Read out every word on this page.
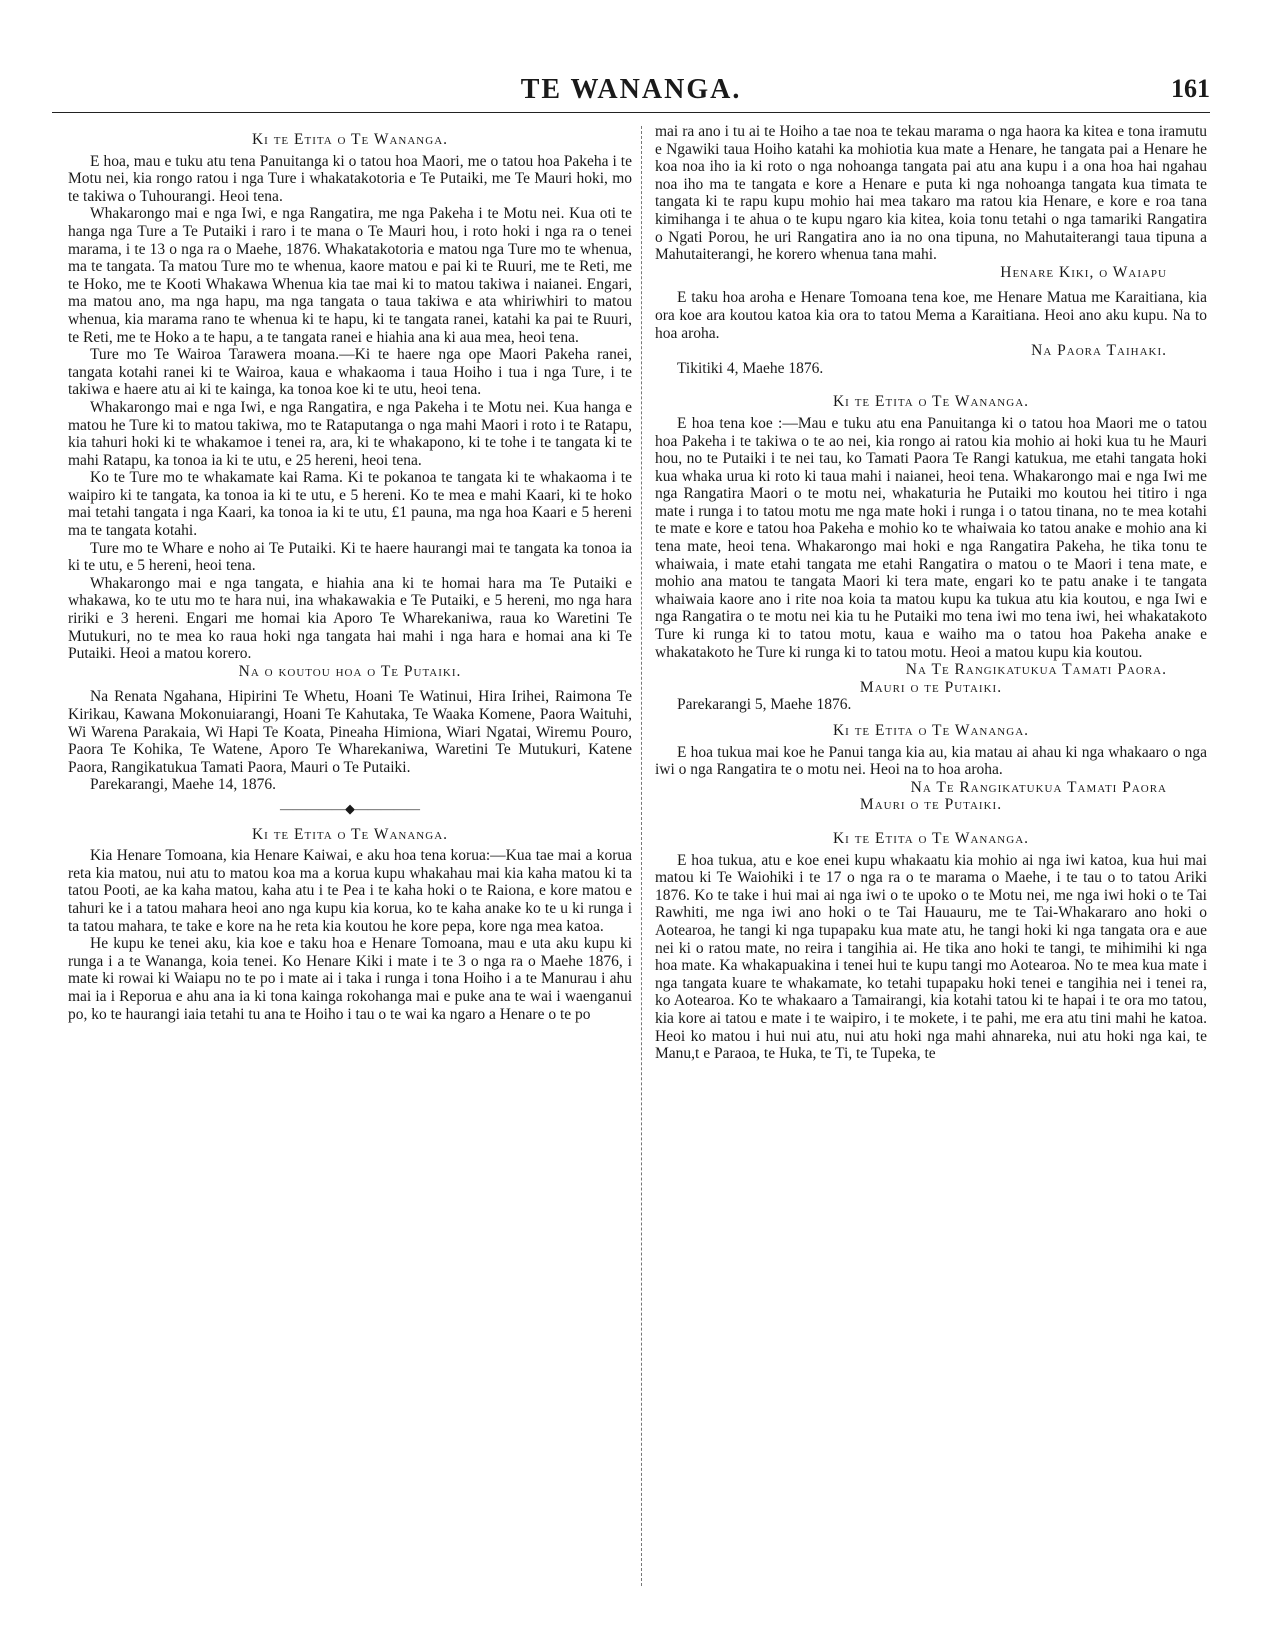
TE WANANGA.	161
Ki te Etita o Te Wananga.

E hoa, mau e tuku atu tena Panuitanga ki o tatou hoa Maori, me o tatou hoa Pakeha i te Motu nei, kia rongo ratou i nga Ture i whakatakotoria e Te Putaiki, me Te Mauri hoki, mo te takiwa o Tuhourangi. Heoi tena.

Whakarongo mai e nga Iwi, e nga Rangatira, me nga Pakeha i te Motu nei. Kua oti te hanga nga Ture a Te Putaiki i raro i te mana o Te Mauri hou, i roto hoki i nga ra o tenei marama, i te 13 o nga ra o Maehe, 1876. Whakatakotoria e matou nga Ture mo te whenua, ma te tangata. Ta matou Ture mo te whenua, kaore matou e pai ki te Ruuri, me te Reti, me te Hoko, me te Kooti Whakawa Whenua kia tae mai ki to matou takiwa i naianei. Engari, ma matou ano, ma nga hapu, ma nga tangata o taua takiwa e ata whiriwhiri to matou whenua, kia marama rano te whenua ki te hapu, ki te tangata ranei, katahi ka pai te Ruuri, te Reti, me te Hoko a te hapu, a te tangata ranei e hiahia ana ki aua mea, heoi tena.

Ture mo Te Wairoa Tarawera moana.—Ki te haere nga ope Maori Pakeha ranei, tangata kotahi ranei ki te Wairoa, kaua e whakaoma i taua Hoiho i tua i nga Ture, i te takiwa e haere atu ai ki te kainga, ka tonoa koe ki te utu, heoi tena.

Whakarongo mai e nga Iwi, e nga Rangatira, e nga Pakeha i te Motu nei. Kua hanga e matou he Ture ki to matou takiwa, mo te Rataputanga o nga mahi Maori i roto i te Ratapu, kia tahuri hoki ki te whakamoe i tenei ra, ara, ki te whakapono, ki te tohe i te tangata ki te mahi Ratapu, ka tonoa ia ki te utu, e 25 hereni, heoi tena.

Ko te Ture mo te whakamate kai Rama. Ki te pokanoa te tangata ki te whakaoma i te waipiro ki te tangata, ka tonoa ia ki te utu, e 5 hereni. Ko te mea e mahi Kaari, ki te hoko mai tetahi tangata i nga Kaari, ka tonoa ia ki te utu, £1 pauna, ma nga hoa Kaari e 5 hereni ma te tangata kotahi.

Ture mo te Whare e noho ai Te Putaiki. Ki te haere haurangi mai te tangata ka tonoa ia ki te utu, e 5 hereni, heoi tena.

Whakarongo mai e nga tangata, e hiahia ana ki te homai hara ma Te Putaiki e whakawa, ko te utu mo te hara nui, ina whakawakia e Te Putaiki, e 5 hereni, mo nga hara ririki e 3 hereni. Engari me homai kia Aporo Te Wharekaniwa, raua ko Waretini Te Mutukuri, no te mea ko raua hoki nga tangata hai mahi i nga hara e homai ana ki Te Putaiki. Heoi a matou korero.

Na o koutou hoa o Te Putaiki.

Na Renata Ngahana, Hipirini Te Whetu, Hoani Te Watinui, Hira Irihei, Raimona Te Kirikau, Kawana Mokonuiarangi, Hoani Te Kahutaka, Te Waaka Komene, Paora Waituhi, Wi Warena Parakaia, Wi Hapi Te Koata, Pineaha Himiona, Wiari Ngatai, Wiremu Pouro, Paora Te Kohika, Te Watene, Aporo Te Wharekaniwa, Waretini Te Mutukuri, Katene Paora, Rangikatukua Tamati Paora, Mauri o Te Putaiki.

Parekarangi, Maehe 14, 1876.

—————◆—————
Ki te Etita o Te Wananga.

Kia Henare Tomoana, kia Henare Kaiwai, e aku hoa tena korua:—Kua tae mai a korua reta kia matou, nui atu to matou koa ma a korua kupu whakahau mai kia kaha matou ki ta tatou Pooti, ae ka kaha matou, kaha atu i te Pea i te kaha hoki o te Raiona, e kore matou e tahuri ke i a tatou mahara heoi ano nga kupu kia korua, ko te kaha anake ko te u ki runga i ta tatou mahara, te take e kore na he reta kia koutou he kore pepa, kore nga mea katoa.

He kupu ke tenei aku, kia koe e taku hoa e Henare Tomoana, mau e uta aku kupu ki runga i a te Wananga, koia tenei. Ko Henare Kiki i mate i te 3 o nga ra o Maehe 1876, i mate ki rowai ki Waiapu no te po i mate ai i taka i runga i tona Hoiho i a te Manurau i ahu mai ia i Reporua e ahu ana ia ki tona kainga rokohanga mai e puke ana te wai i waenganui po, ko te haurangi iaia tetahi tu ana te Hoiho i tau o te wai ka ngaro a Henare o te po

mai ra ano i tu ai te Hoiho a tae noa te tekau marama o nga haora ka kitea e tona iramutu e Ngawiki taua Hoiho katahi ka mohiotia kua mate a Henare, he tangata pai a Henare he koa noa iho ia ki roto o nga nohoanga tangata pai atu ana kupu i a ona hoa hai ngahau noa iho ma te tangata e kore a Henare e puta ki nga nohoanga tangata kua timata te tangata ki te rapu kupu mohio hai mea takaro ma ratou kia Henare, e kore e roa tana kimihanga i te ahua o te kupu ngaro kia kitea, koia tonu tetahi o nga tamariki Rangatira o Ngati Porou, he uri Rangatira ano ia no ona tipuna, no Mahutaiterangi taua tipuna a Mahutaiterangi, he korero whenua tana mahi.

Henare Kiki, o Waiapu

E taku hoa aroha e Henare Tomoana tena koe, me Henare Matua me Karaitiana, kia ora koe ara koutou katoa kia ora to tatou Mema a Karaitiana. Heoi ano aku kupu. Na to hoa aroha.

Na Paora Taihaki.

Tikitiki 4, Maehe 1876.

Ki te Etita o Te Wananga.

E hoa tena koe :—Mau e tuku atu ena Panuitanga ki o tatou hoa Maori me o tatou hoa Pakeha i te takiwa o te ao nei, kia rongo ai ratou kia mohio ai hoki kua tu he Mauri hou, no te Putaiki i te nei tau, ko Tamati Paora Te Rangi katukua, me etahi tangata hoki kua whaka urua ki roto ki taua mahi i naianei, heoi tena. Whakarongo mai e nga Iwi me nga Rangatira Maori o te motu nei, whakaturia he Putaiki mo koutou hei titiro i nga mate i runga i to tatou motu me nga mate hoki i runga i o tatou tinana, no te mea kotahi te mate e kore e tatou hoa Pakeha e mohio ko te whaiwaia ko tatou anake e mohio ana ki tena mate, heoi tena. Whakarongo mai hoki e nga Rangatira Pakeha, he tika tonu te whaiwaia, i mate etahi tangata me etahi Rangatira o matou o te Maori i tena mate, e mohio ana matou te tangata Maori ki tera mate, engari ko te patu anake i te tangata whaiwaia kaore ano i rite noa koia ta matou kupu ka tukua atu kia koutou, e nga Iwi e nga Rangatira o te motu nei kia tu he Putaiki mo tena iwi mo tena iwi, hei whakatakoto Ture ki runga ki to tatou motu, kaua e waiho ma o tatou hoa Pakeha anake e whakatakoto he Ture ki runga ki to tatou motu. Heoi a matou kupu kia koutou.

Na Te Rangikatukua Tamati Paora.
Mauri o te Putaiki.

Parekarangi 5, Maehe 1876.

Ki te Etita o Te Wananga.

E hoa tukua mai koe he Panui tanga kia au, kia matau ai ahau ki nga whakaaro o nga iwi o nga Rangatira te o motu nei. Heoi na to hoa aroha.

Na Te Rangikatukua Tamati Paora
Mauri o te Putaiki.
Ki te Etita o Te Wananga.

E hoa tukua, atu e koe enei kupu whakaatu kia mohio ai nga iwi katoa, kua hui mai matou ki Te Waiohiki i te 17 o nga ra o te marama o Maehe, i te tau o to tatou Ariki 1876. Ko te take i hui mai ai nga iwi o te upoko o te Motu nei, me nga iwi hoki o te Tai Rawhiti, me nga iwi ano hoki o te Tai Hauauru, me te Tai-Whakararo ano hoki o Aotearoa, he tangi ki nga tupapaku kua mate atu, he tangi hoki ki nga tangata ora e aue nei ki o ratou mate, no reira i tangihia ai. He tika ano hoki te tangi, te mihimihi ki nga hoa mate. Ka whakapuakina i tenei hui te kupu tangi mo Aotearoa. No te mea kua mate i nga tangata kuare te whakamate, ko tetahi tupapaku hoki tenei e tangihia nei i tenei ra, ko Aotearoa. Ko te whakaaro a Tamairangi, kia kotahi tatou ki te hapai i te ora mo tatou, kia kore ai tatou e mate i te waipiro, i te mokete, i te pahi, me era atu tini mahi he katoa. Heoi ko matou i hui nui atu, nui atu hoki nga mahi ahnareka, nui atu hoki nga kai, te Manu,t e Paraoa, te Huka, te Ti, te Tupeka, te
